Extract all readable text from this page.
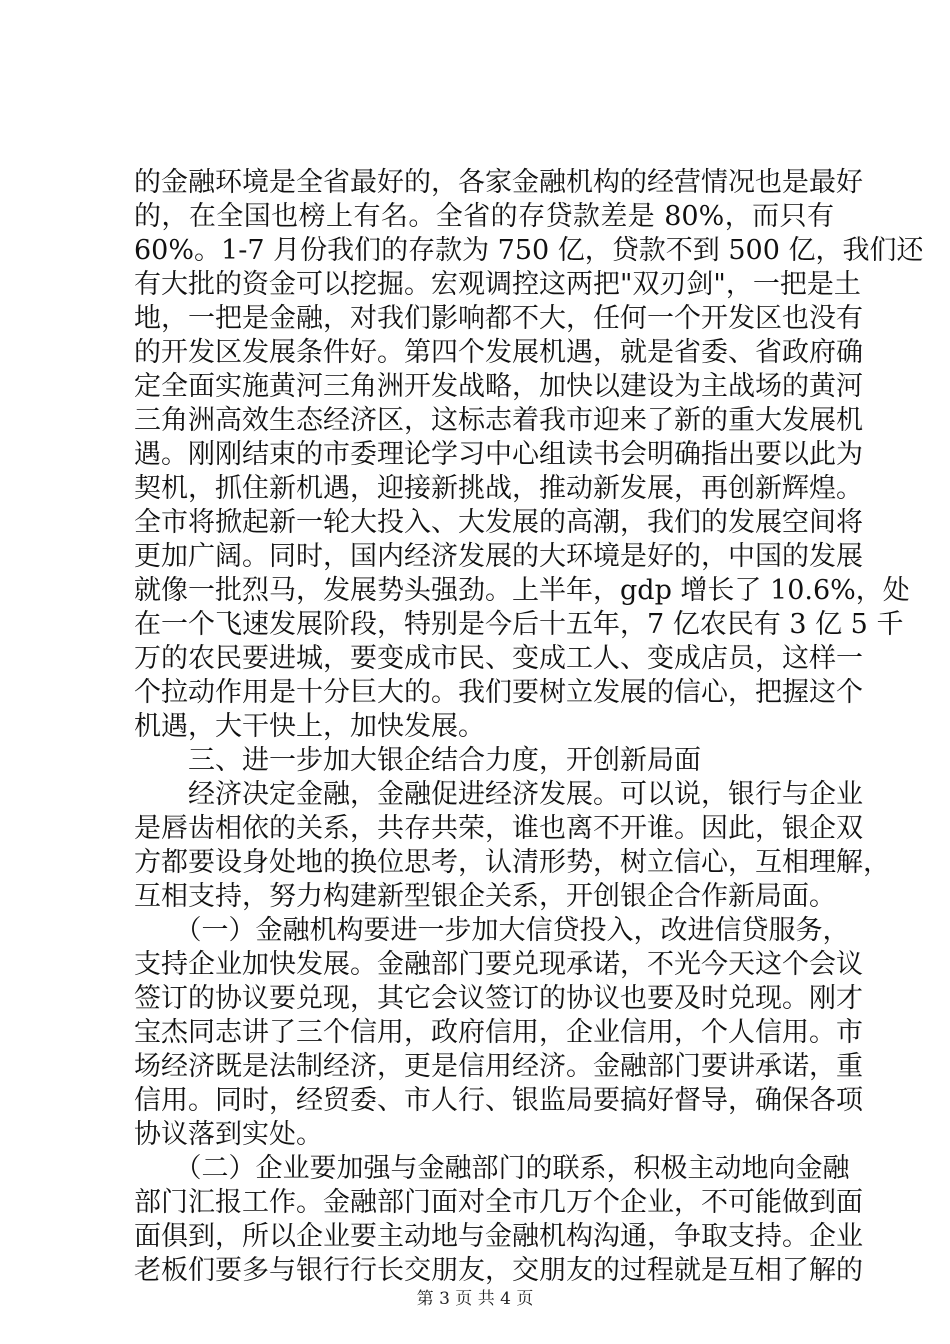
的金融环境是全省最好的，各家金融机构的经营情况也是最好
的，在全国也榜上有名。全省的存贷款差是 80%，而只有
60%。1-7 月份我们的存款为 750 亿，贷款不到 500 亿，我们还
有大批的资金可以挖掘。宏观调控这两把"双刃剑"，一把是土
地，一把是金融，对我们影响都不大，任何一个开发区也没有
的开发区发展条件好。第四个发展机遇，就是省委、省政府确
定全面实施黄河三角洲开发战略，加快以建设为主战场的黄河
三角洲高效生态经济区，这标志着我市迎来了新的重大发展机
遇。刚刚结束的市委理论学习中心组读书会明确指出要以此为
契机，抓住新机遇，迎接新挑战，推动新发展，再创新辉煌。
全市将掀起新一轮大投入、大发展的高潮，我们的发展空间将
更加广阔。同时，国内经济发展的大环境是好的，中国的发展
就像一批烈马，发展势头强劲。上半年，gdp 增长了 10.6%，处
在一个飞速发展阶段，特别是今后十五年，7 亿农民有 3 亿 5 千
万的农民要进城，要变成市民、变成工人、变成店员，这样一
个拉动作用是十分巨大的。我们要树立发展的信心，把握这个
机遇，大干快上，加快发展。
　　三、进一步加大银企结合力度，开创新局面
　　经济决定金融，金融促进经济发展。可以说，银行与企业
是唇齿相依的关系，共存共荣，谁也离不开谁。因此，银企双
方都要设身处地的换位思考，认清形势，树立信心，互相理解，
互相支持，努力构建新型银企关系，开创银企合作新局面。
　　（一）金融机构要进一步加大信贷投入，改进信贷服务，
支持企业加快发展。金融部门要兑现承诺，不光今天这个会议
签订的协议要兑现，其它会议签订的协议也要及时兑现。刚才
宝杰同志讲了三个信用，政府信用，企业信用，个人信用。市
场经济既是法制经济，更是信用经济。金融部门要讲承诺，重
信用。同时，经贸委、市人行、银监局要搞好督导，确保各项
协议落到实处。
　　（二）企业要加强与金融部门的联系，积极主动地向金融
部门汇报工作。金融部门面对全市几万个企业，不可能做到面
面俱到，所以企业要主动地与金融机构沟通，争取支持。企业
老板们要多与银行行长交朋友，交朋友的过程就是互相了解的
第 3 页 共 4 页
